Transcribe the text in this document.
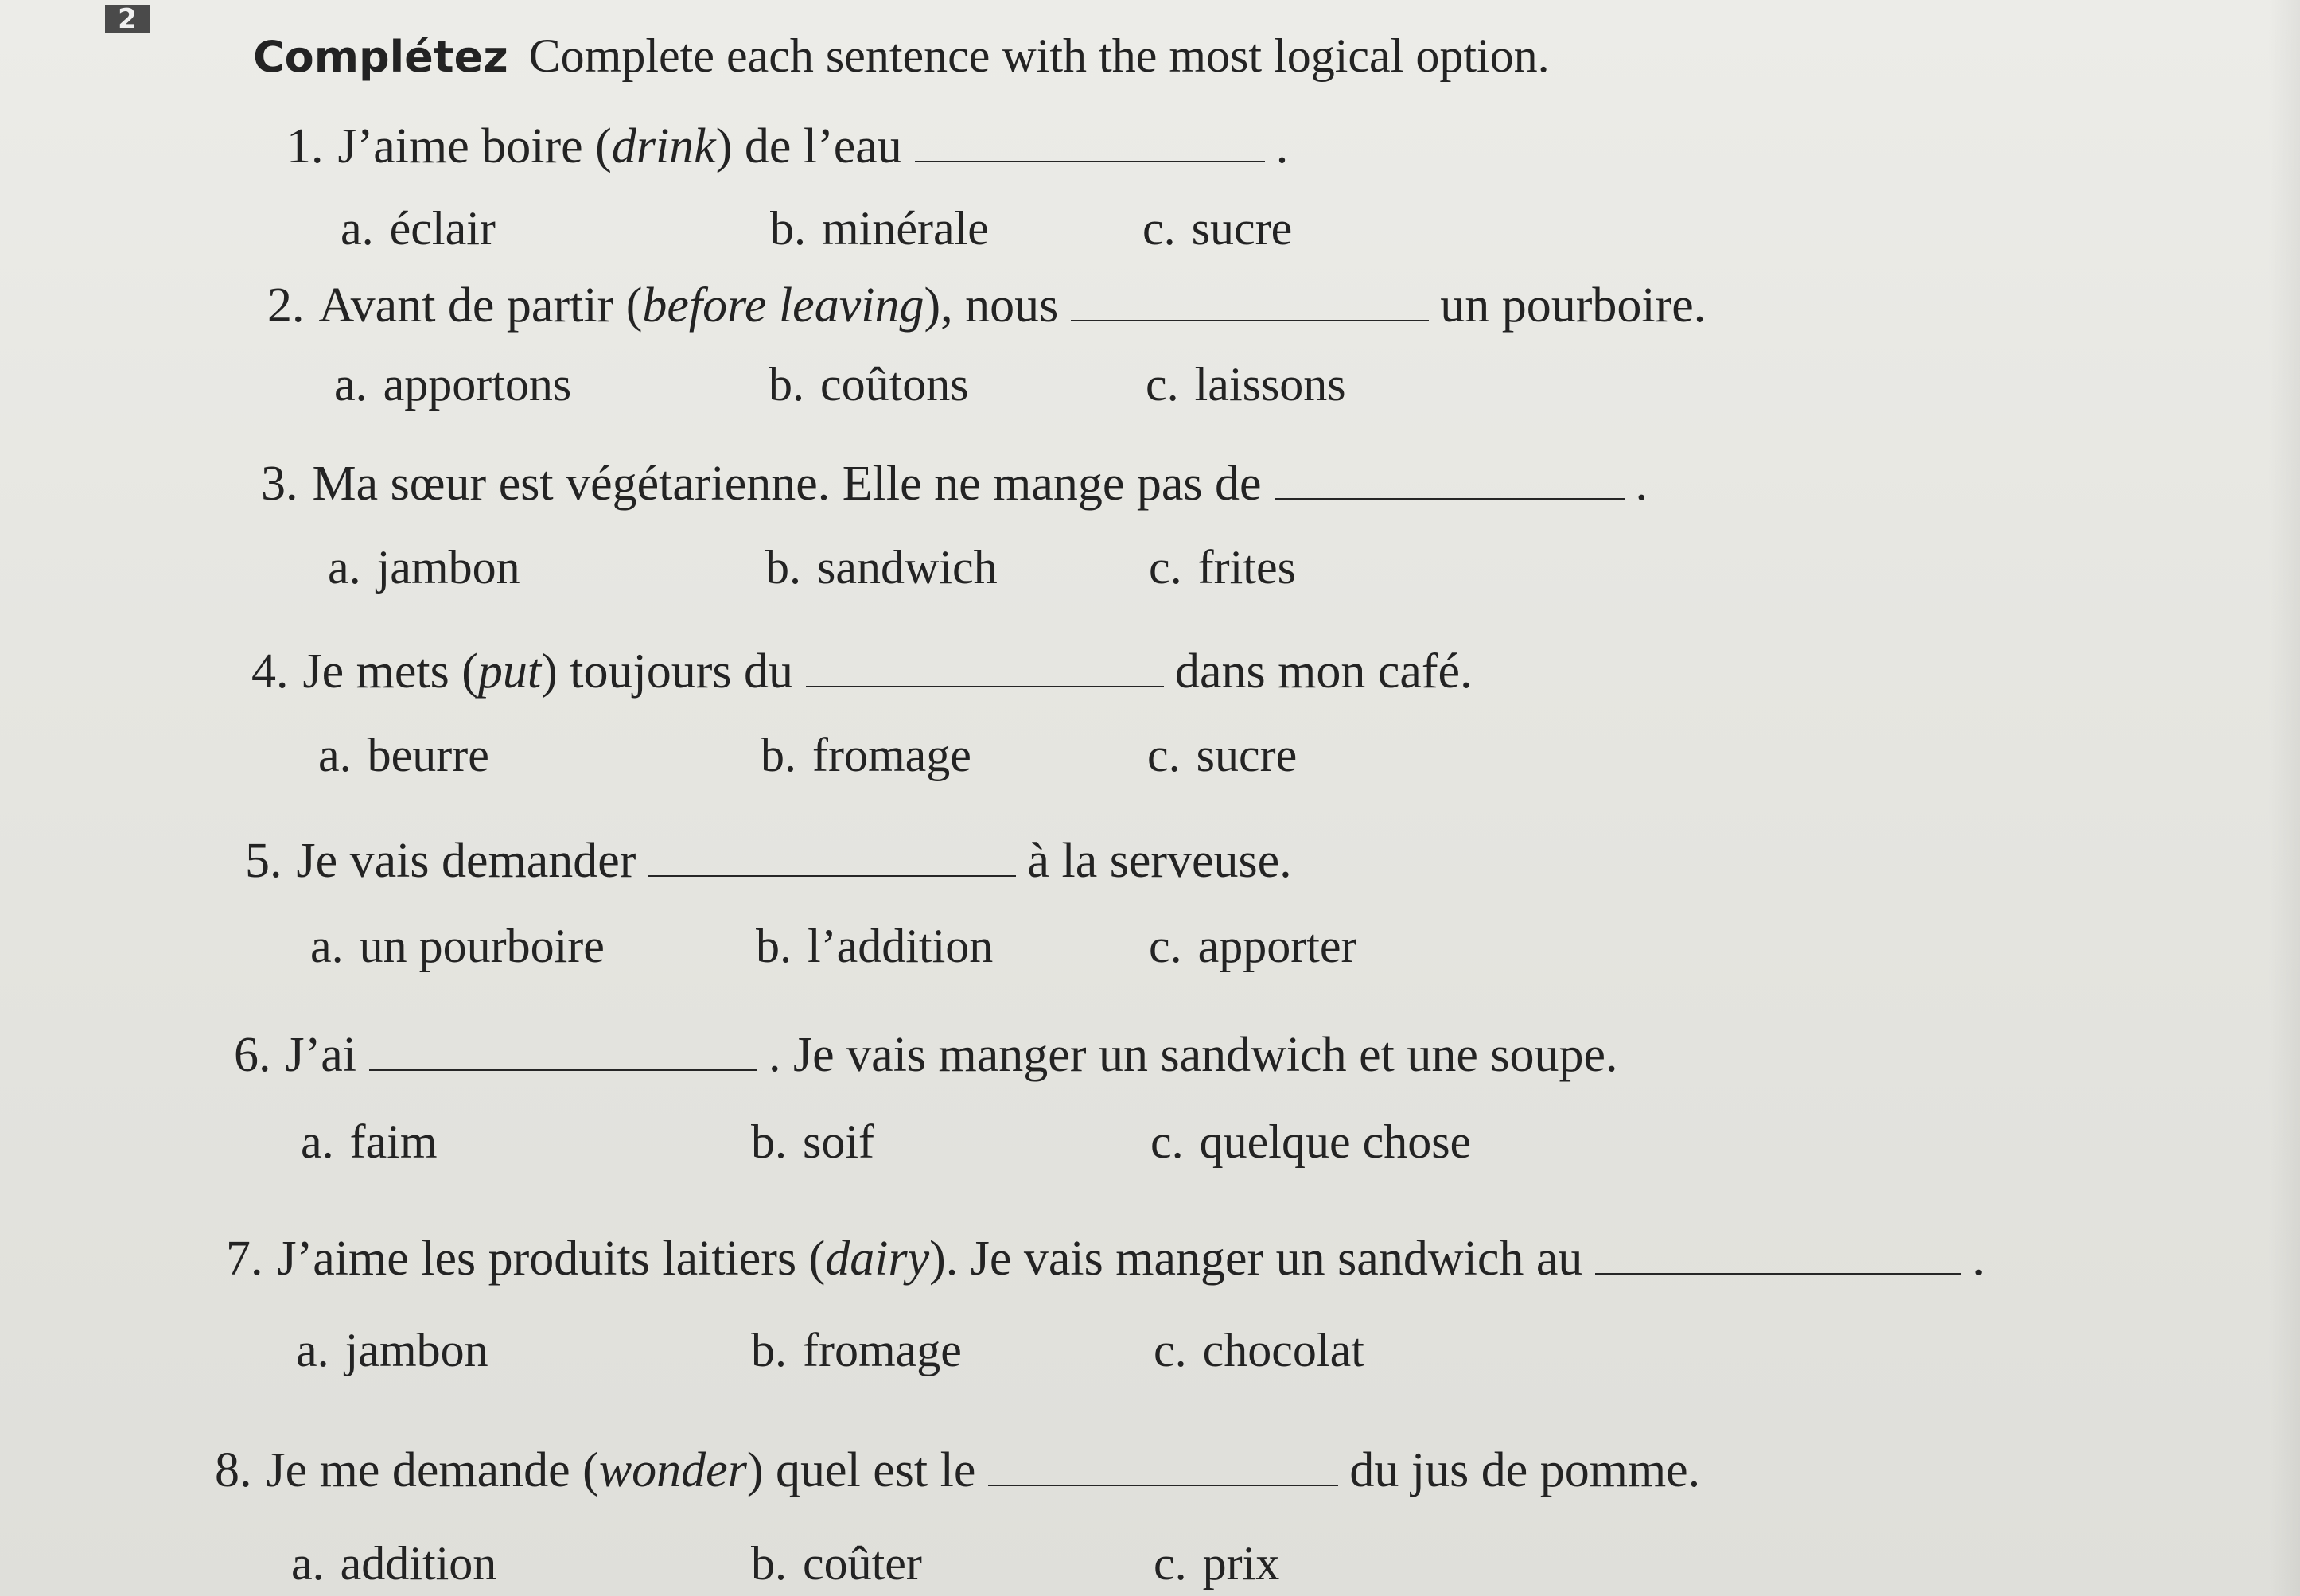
2
Complétez Complete each sentence with the most logical option.
1. J’aime boire (drink) de l’eau	.
a. éclair	b. minérale	c. sucre
2. Avant de partir (before leaving), nous	un pourboire.
a. apportons	b. coûtons	c. laissons
3. Ma sœur est végétarienne. Elle ne mange pas de	.
a. jambon	b. sandwich	c. frites
4. Je mets (put) toujours du	dans mon café.
a. beurre	b. fromage	c. sucre
5. Je vais demander	à la serveuse.
a. un pourboire	b. l’addition	c. apporter
6. J’ai	. Je vais manger un sandwich et une soupe.
a. faim	b. soif	c. quelque chose
7. J’aime les produits laitiers (dairy). Je vais manger un sandwich au	.
a. jambon	b. fromage	c. chocolat
8. Je me demande (wonder) quel est le	du jus de pomme.
a. addition	b. coûter	c. prix
